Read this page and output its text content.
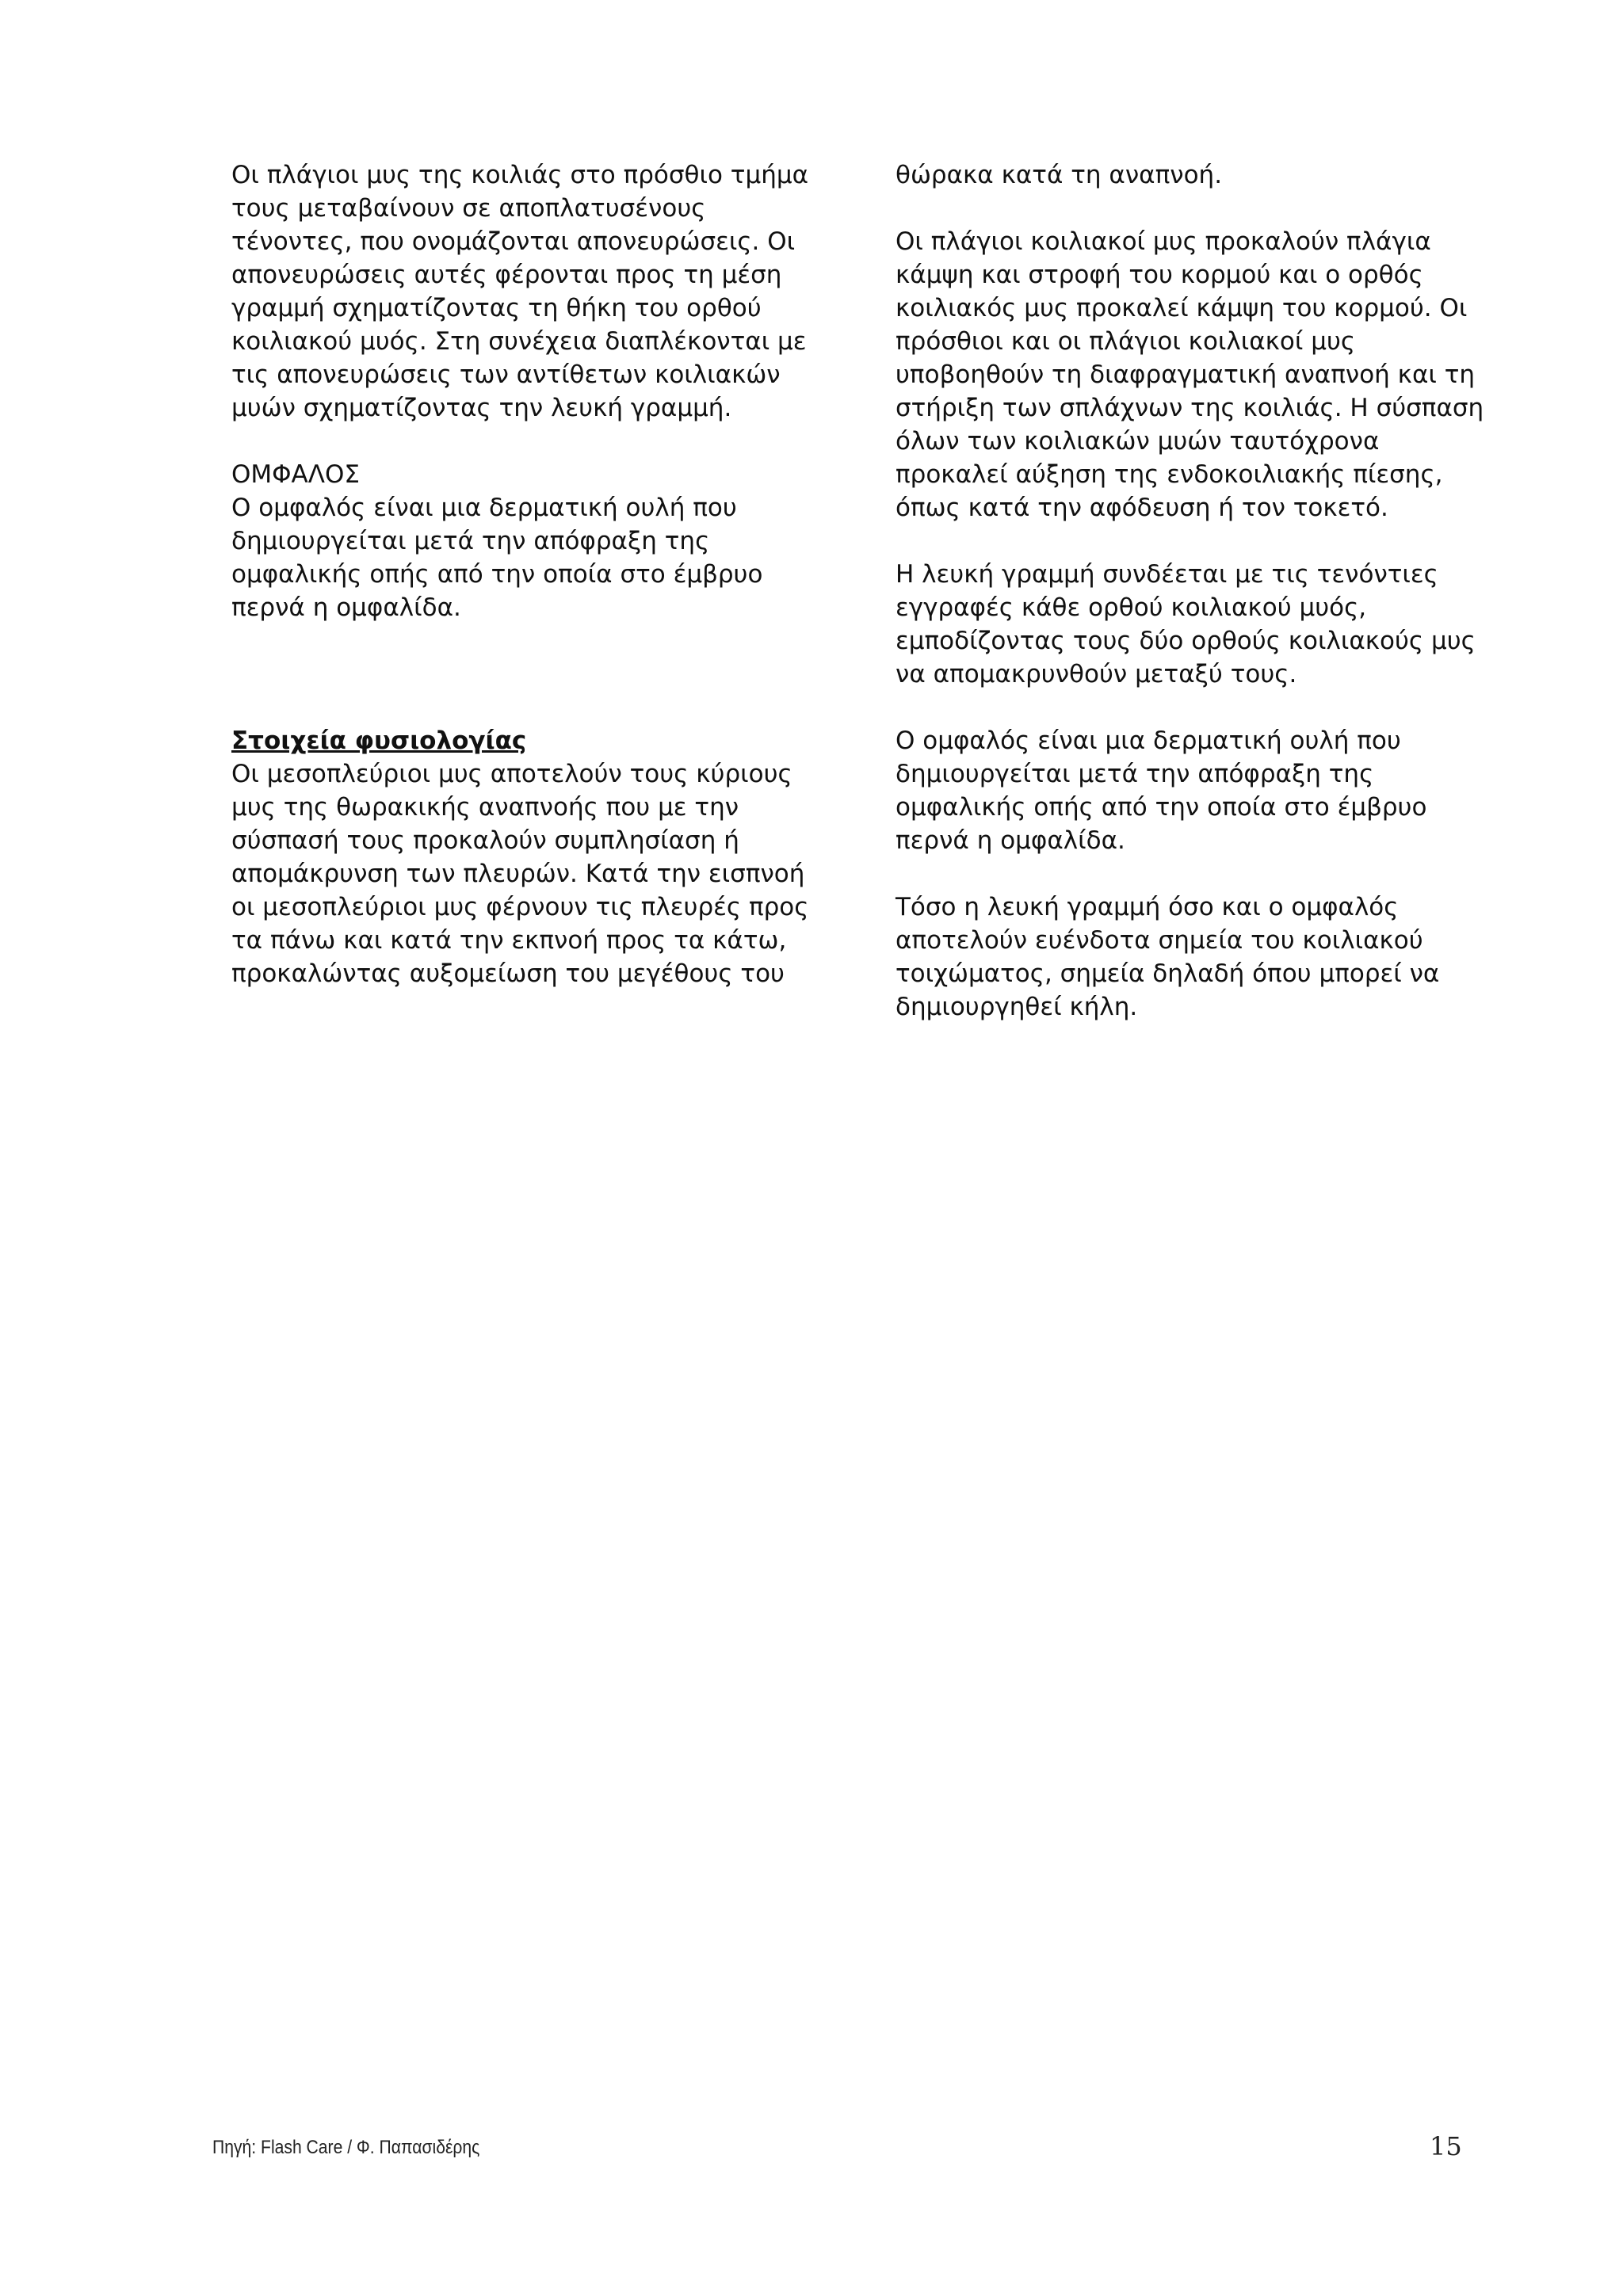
Οι πλάγιοι μυς της κοιλιάς στο πρόσθιο τμήμα
τους μεταβαίνουν σε αποπλατυσένους
τένοντες, που ονομάζονται απονευρώσεις. Οι
απονευρώσεις αυτές φέρονται προς τη μέση
γραμμή σχηματίζοντας τη θήκη του ορθού
κοιλιακού μυός. Στη συνέχεια διαπλέκονται με
τις απονευρώσεις των αντίθετων κοιλιακών
μυών σχηματίζοντας την λευκή γραμμή.
ΟΜΦΑΛΟΣ
Ο ομφαλός είναι μια δερματική ουλή που
δημιουργείται μετά την απόφραξη της
ομφαλικής οπής από την οποία στο έμβρυο
περνά η ομφαλίδα.
Στοιχεία φυσιολογίας
Οι μεσοπλεύριοι μυς αποτελούν τους κύριους
μυς της θωρακικής αναπνοής που με την
σύσπασή τους προκαλούν συμπλησίαση ή
απομάκρυνση των πλευρών. Κατά την εισπνοή
οι μεσοπλεύριοι μυς φέρνουν τις πλευρές προς
τα πάνω και κατά την εκπνοή προς τα κάτω,
προκαλώντας αυξομείωση του μεγέθους του
θώρακα κατά τη αναπνοή.
Οι πλάγιοι κοιλιακοί μυς προκαλούν πλάγια
κάμψη και στροφή του κορμού και ο ορθός
κοιλιακός μυς προκαλεί κάμψη του κορμού. Οι
πρόσθιοι και οι πλάγιοι κοιλιακοί μυς
υποβοηθούν τη διαφραγματική αναπνοή και τη
στήριξη των σπλάχνων της κοιλιάς. Η σύσπαση
όλων των κοιλιακών μυών ταυτόχρονα
προκαλεί αύξηση της ενδοκοιλιακής πίεσης,
όπως κατά την αφόδευση ή τον τοκετό.
Η λευκή γραμμή συνδέεται με τις τενόντιες
εγγραφές κάθε ορθού κοιλιακού μυός,
εμποδίζοντας τους δύο ορθούς κοιλιακούς μυς
να απομακρυνθούν μεταξύ τους.
Ο ομφαλός είναι μια δερματική ουλή που
δημιουργείται μετά την απόφραξη της
ομφαλικής οπής από την οποία στο έμβρυο
περνά η ομφαλίδα.
Τόσο η λευκή γραμμή όσο και ο ομφαλός
αποτελούν ευένδοτα σημεία του κοιλιακού
τοιχώματος, σημεία δηλαδή όπου μπορεί να
δημιουργηθεί κήλη.
Πηγή: Flash Care / Φ. Παπασιδέρης	15
